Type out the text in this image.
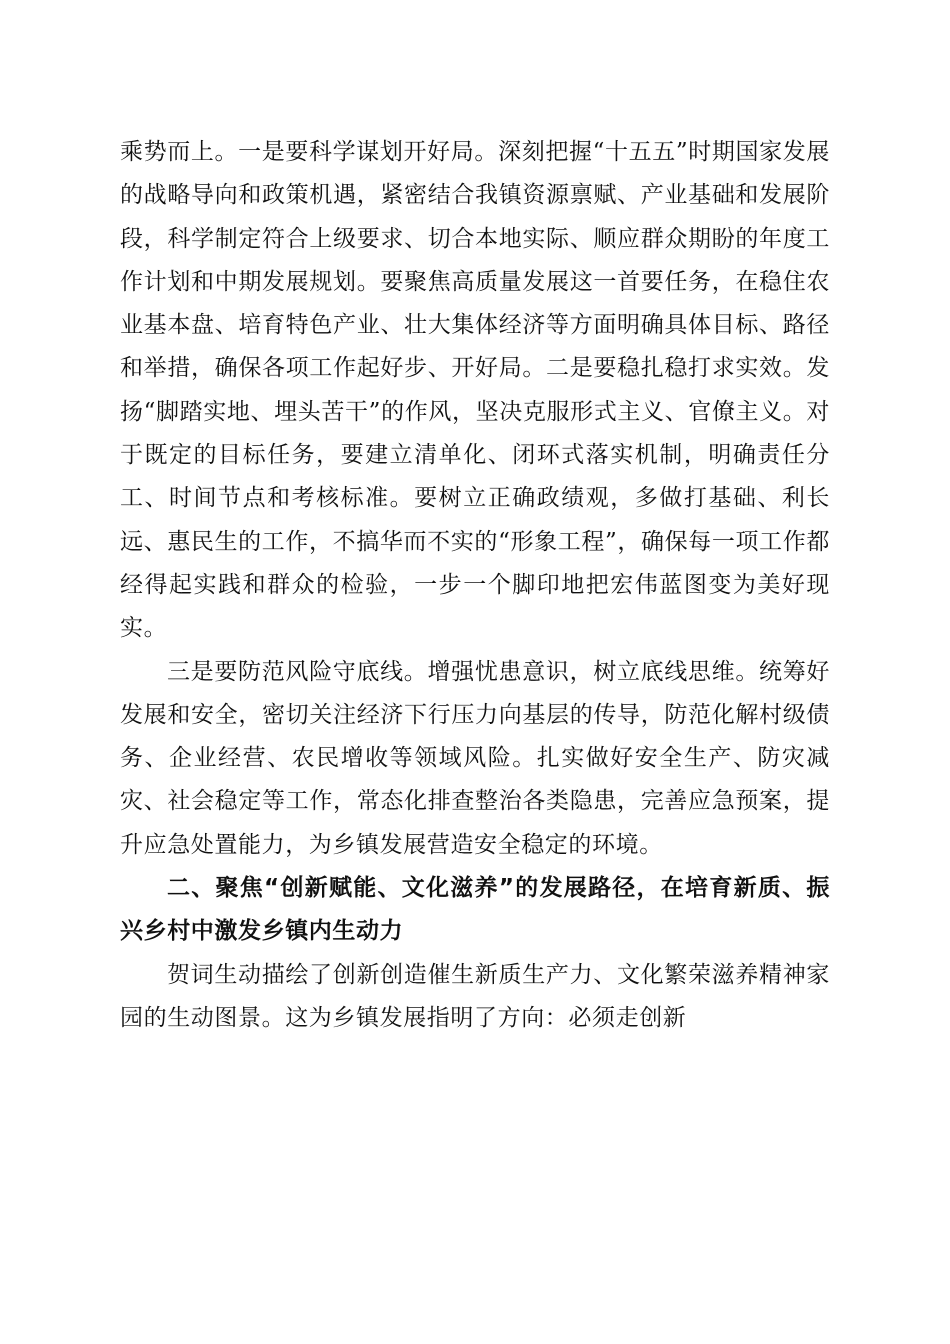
乘势而上。一是要科学谋划开好局。深刻把握“十五五”时期国家发展的战略导向和政策机遇，紧密结合我镇资源禀赋、产业基础和发展阶段，科学制定符合上级要求、切合本地实际、顺应群众期盼的年度工作计划和中期发展规划。要聚焦高质量发展这一首要任务，在稳住农业基本盘、培育特色产业、壮大集体经济等方面明确具体目标、路径和举措，确保各项工作起好步、开好局。二是要稳扎稳打求实效。发扬“脚踏实地、埋头苦干”的作风，坚决克服形式主义、官僚主义。对于既定的目标任务，要建立清单化、闭环式落实机制，明确责任分工、时间节点和考核标准。要树立正确政绩观，多做打基础、利长远、惠民生的工作，不搞华而不实的“形象工程”，确保每一项工作都经得起实践和群众的检验，一步一个脚印地把宏伟蓝图变为美好现实。

三是要防范风险守底线。增强忧患意识，树立底线思维。统筹好发展和安全，密切关注经济下行压力向基层的传导，防范化解村级债务、企业经营、农民增收等领域风险。扎实做好安全生产、防灾减灾、社会稳定等工作，常态化排查整治各类隐患，完善应急预案，提升应急处置能力，为乡镇发展营造安全稳定的环境。

二、聚焦“创新赋能、文化滋养”的发展路径，在培育新质、振兴乡村中激发乡镇内生动力

贺词生动描绘了创新创造催生新质生产力、文化繁荣滋养精神家园的生动图景。这为乡镇发展指明了方向：必须走创新
